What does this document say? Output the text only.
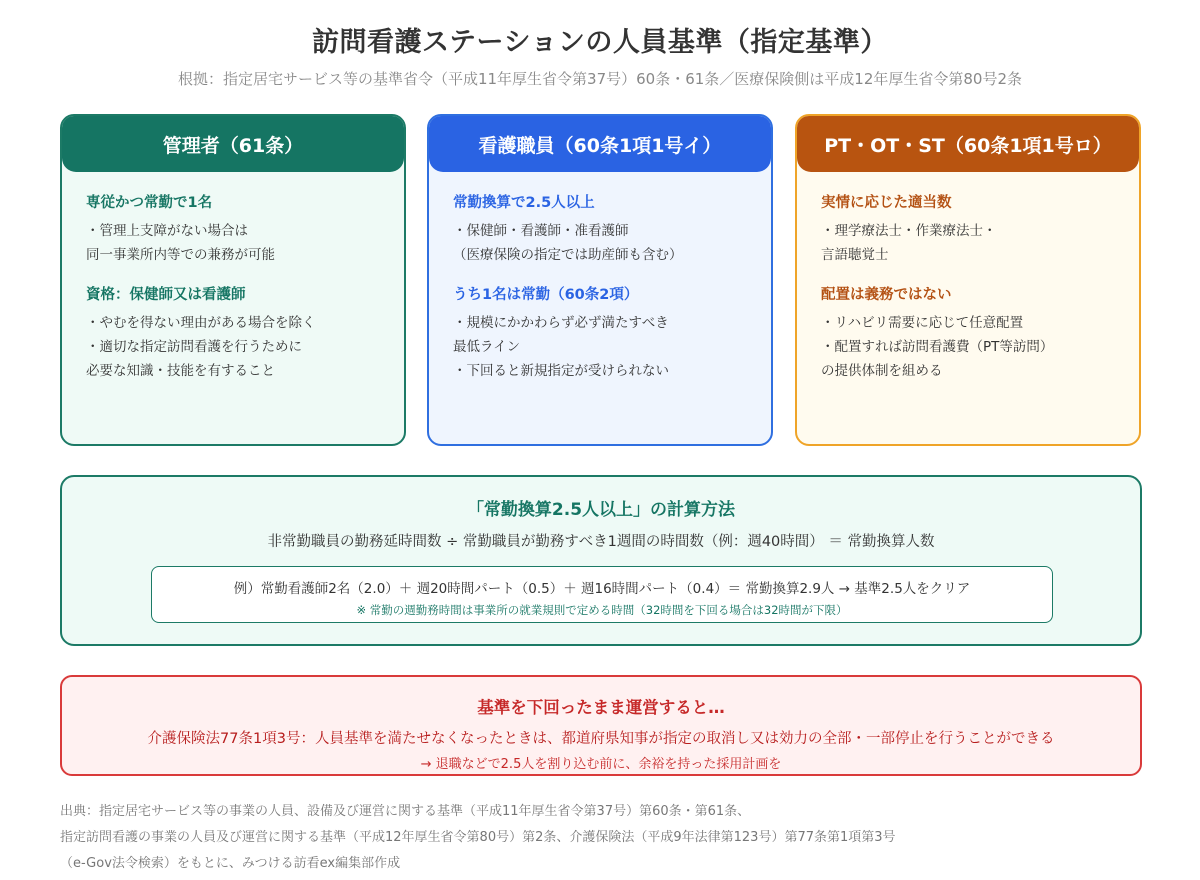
訪問看護ステーションの人員基準（指定基準）
根拠：指定居宅サービス等の基準省令（平成11年厚生省令第37号）60条・61条／医療保険側は平成12年厚生省令第80号2条
管理者（61条）
専従かつ常勤で1名
・管理上支障がない場合は
同一事業所内等での兼務が可能
資格：保健師又は看護師
・やむを得ない理由がある場合を除く
・適切な指定訪問看護を行うために
必要な知識・技能を有すること
看護職員（60条1項1号イ）
常勤換算で2.5人以上
・保健師・看護師・准看護師
（医療保険の指定では助産師も含む）
うち1名は常勤（60条2項）
・規模にかかわらず必ず満たすべき
最低ライン
・下回ると新規指定が受けられない
PT・OT・ST（60条1項1号ロ）
実情に応じた適当数
・理学療法士・作業療法士・
言語聴覚士
配置は義務ではない
・リハビリ需要に応じて任意配置
・配置すれば訪問看護費（PT等訪問）
の提供体制を組める
「常勤換算2.5人以上」の計算方法
非常勤職員の勤務延時間数 ÷ 常勤職員が勤務すべき1週間の時間数（例：週40時間） ＝ 常勤換算人数
例）常勤看護師2名（2.0）＋ 週20時間パート（0.5）＋ 週16時間パート（0.4）＝ 常勤換算2.9人 → 基準2.5人をクリア
※ 常勤の週勤務時間は事業所の就業規則で定める時間（32時間を下回る場合は32時間が下限）
基準を下回ったまま運営すると…
介護保険法77条1項3号：人員基準を満たせなくなったときは、都道府県知事が指定の取消し又は効力の全部・一部停止を行うことができる
→ 退職などで2.5人を割り込む前に、余裕を持った採用計画を
出典：指定居宅サービス等の事業の人員、設備及び運営に関する基準（平成11年厚生省令第37号）第60条・第61条、
指定訪問看護の事業の人員及び運営に関する基準（平成12年厚生省令第80号）第2条、介護保険法（平成9年法律第123号）第77条第1項第3号
（e-Gov法令検索）をもとに、みつける訪看ex編集部作成
